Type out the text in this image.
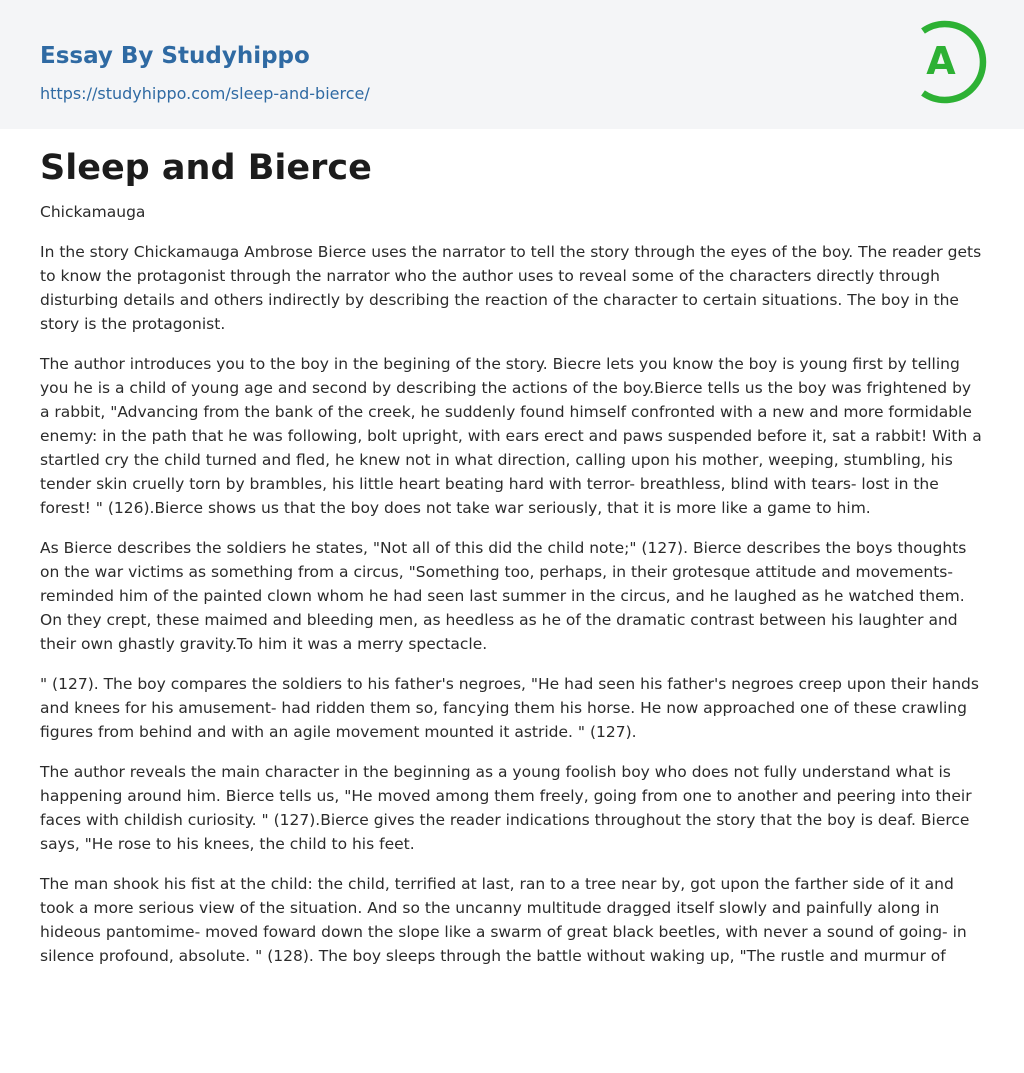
Essay By Studyhippo
https://studyhippo.com/sleep-and-bierce/
A
Sleep and Bierce

Chickamauga

In the story Chickamauga Ambrose Bierce uses the narrator to tell the story through the eyes of the boy. The reader gets to know the protagonist through the narrator who the author uses to reveal some of the characters directly through disturbing details and others indirectly by describing the reaction of the character to certain situations. The boy in the story is the protagonist.

The author introduces you to the boy in the begining of the story. Biecre lets you know the boy is young first by telling you he is a child of young age and second by describing the actions of the boy.Bierce tells us the boy was frightened by a rabbit, "Advancing from the bank of the creek, he suddenly found himself confronted with a new and more formidable enemy: in the path that he was following, bolt upright, with ears erect and paws suspended before it, sat a rabbit! With a startled cry the child turned and fled, he knew not in what direction, calling upon his mother, weeping, stumbling, his tender skin cruelly torn by brambles, his little heart beating hard with terror- breathless, blind with tears- lost in the forest! " (126).Bierce shows us that the boy does not take war seriously, that it is more like a game to him.

As Bierce describes the soldiers he states, "Not all of this did the child note;" (127). Bierce describes the boys thoughts on the war victims as something from a circus, "Something too, perhaps, in their grotesque attitude and movements- reminded him of the painted clown whom he had seen last summer in the circus, and he laughed as he watched them. On they crept, these maimed and bleeding men, as heedless as he of the dramatic contrast between his laughter and their own ghastly gravity.To him it was a merry spectacle.

" (127). The boy compares the soldiers to his father's negroes, "He had seen his father's negroes creep upon their hands and knees for his amusement- had ridden them so, fancying them his horse. He now approached one of these crawling figures from behind and with an agile movement mounted it astride. " (127).

The author reveals the main character in the beginning as a young foolish boy who does not fully understand what is happening around him. Bierce tells us, "He moved among them freely, going from one to another and peering into their faces with childish curiosity. " (127).Bierce gives the reader indications throughout the story that the boy is deaf. Bierce says, "He rose to his knees, the child to his feet.

The man shook his fist at the child: the child, terrified at last, ran to a tree near by, got upon the farther side of it and took a more serious view of the situation. And so the uncanny multitude dragged itself slowly and painfully along in hideous pantomime- moved foward down the slope like a swarm of great black beetles, with never a sound of going- in silence profound, absolute. " (128). The boy sleeps through the battle without waking up, "The rustle and murmur of
